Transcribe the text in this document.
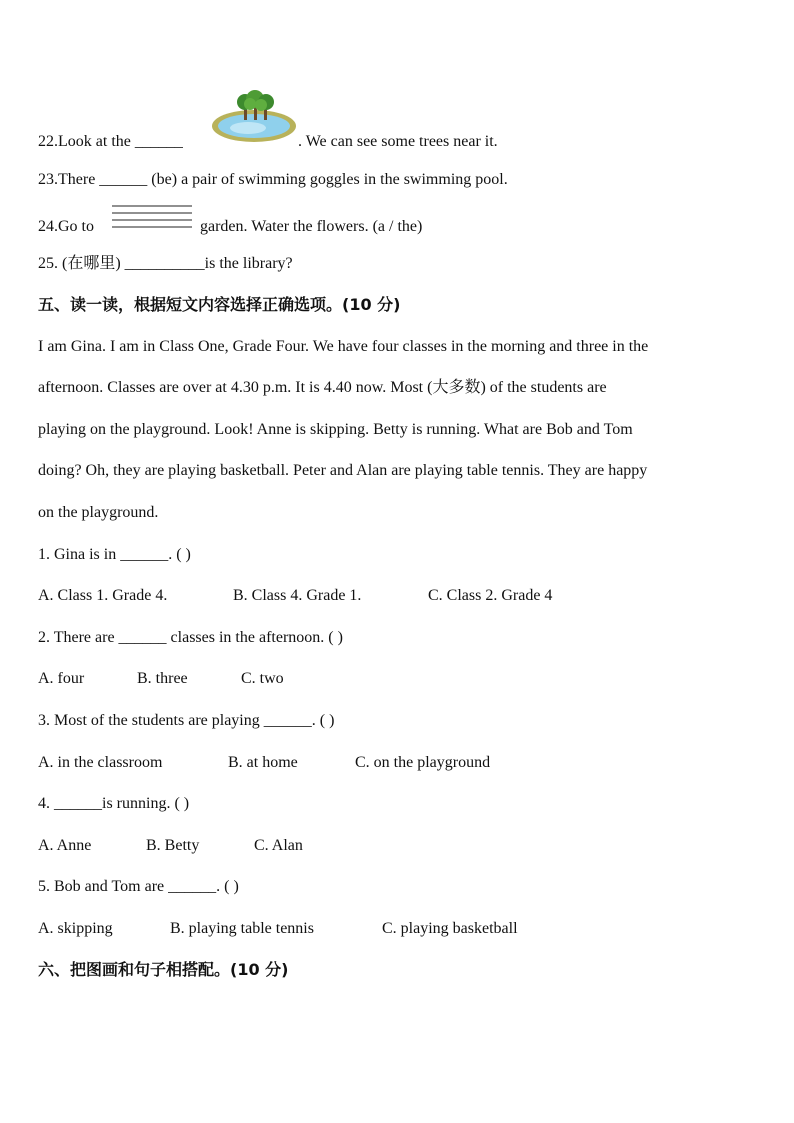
22.Look at the ______	. We can see some trees near it.
23.There ______ (be) a pair of swimming goggles in the swimming pool.
24.Go to	garden. Water the flowers. (a / the)
25. (在哪里) __________is the library?
五、读一读，根据短文内容选择正确选项。(10 分)
I am Gina. I am in Class One, Grade Four. We have four classes in the morning and three in the
afternoon. Classes are over at 4.30 p.m. It is 4.40 now. Most (大多数) of the students are
playing on the playground. Look! Anne is skipping. Betty is running. What are Bob and Tom
doing? Oh, they are playing basketball. Peter and Alan are playing table tennis. They are happy
on the playground.
1. Gina is in ______. ( )
A. Class 1. Grade 4.	B. Class 4. Grade 1.	C. Class 2. Grade 4
2. There are ______ classes in the afternoon. ( )
A. four	B. three	C. two
3. Most of the students are playing ______. ( )
A. in the classroom	B. at home	C. on the playground
4. ______is running. ( )
A. Anne	B. Betty	C. Alan
5. Bob and Tom are ______. ( )
A. skipping	B. playing table tennis	C. playing basketball
六、把图画和句子相搭配。(10 分)
